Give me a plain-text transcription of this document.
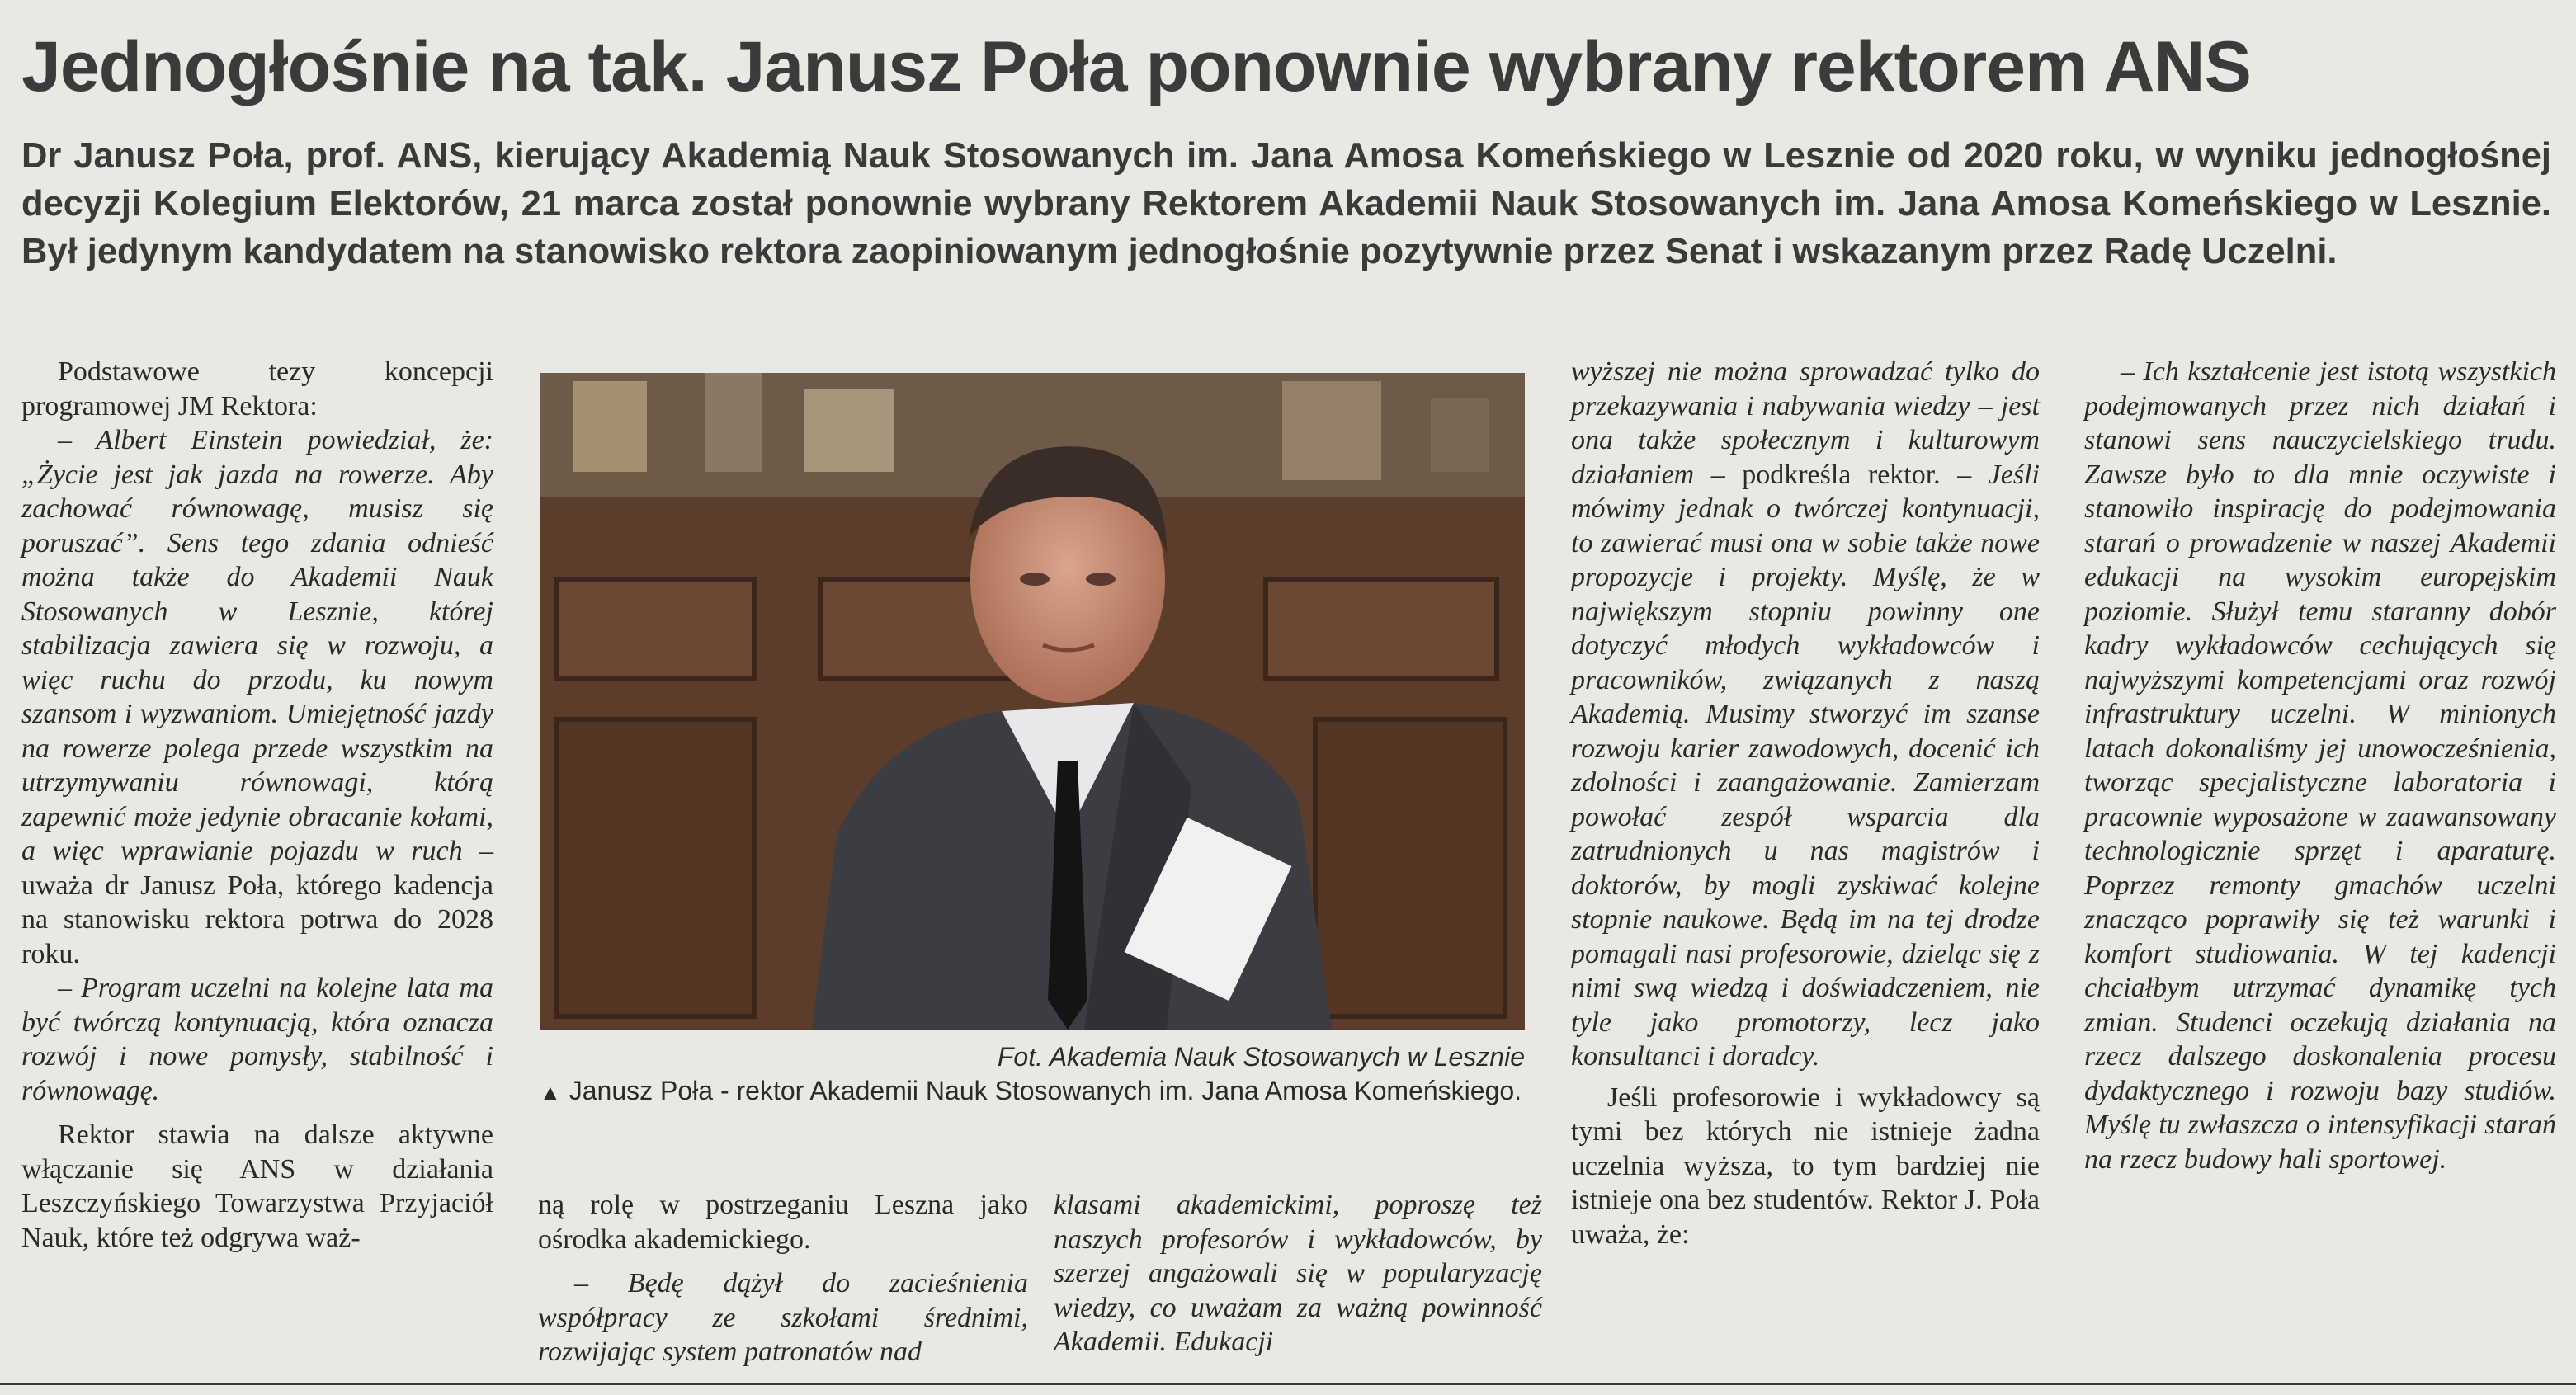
Jednogłośnie na tak. Janusz Poła ponownie wybrany rektorem ANS

Dr Janusz Poła, prof. ANS, kierujący Akademią Nauk Stosowanych im. Jana Amosa Komeńskiego w Lesznie od 2020 roku, w wyniku jednogłośnej decyzji Kolegium Elektorów, 21 marca został ponownie wybrany Rektorem Akademii Nauk Stosowanych im. Jana Amosa Komeńskiego w Lesznie. Był jedynym kandydatem na stanowisko rektora zaopiniowanym jednogłośnie pozytywnie przez Senat i wskazanym przez Radę Uczelni.

Podstawowe tezy koncepcji programowej JM Rektora:

– Albert Einstein powiedział, że: „Życie jest jak jazda na rowerze. Aby zachować równowagę, musisz się poruszać”. Sens tego zdania odnieść można także do Akademii Nauk Stosowanych w Lesznie, której stabilizacja zawiera się w rozwoju, a więc ruchu do przodu, ku nowym szansom i wyzwaniom. Umiejętność jazdy na rowerze polega przede wszystkim na utrzymywaniu równowagi, którą zapewnić może jedynie obracanie kołami, a więc wprawianie pojazdu w ruch – uważa dr Janusz Poła, którego kadencja na stanowisku rektora potrwa do 2028 roku.

– Program uczelni na kolejne lata ma być twórczą kontynuacją, która oznacza rozwój i nowe pomysły, stabilność i równowagę.

Rektor stawia na dalsze aktywne włączanie się ANS w działania Leszczyńskiego Towarzystwa Przyjaciół Nauk, które też odgrywa waż-

Fot. Akademia Nauk Stosowanych w Lesznie
▲ Janusz Poła - rektor Akademii Nauk Stosowanych im. Jana Amosa Komeńskiego.

ną rolę w postrzeganiu Leszna jako ośrodka akademickiego.

– Będę dążył do zacieśnienia współpracy ze szkołami średnimi, rozwijając system patronatów nad

klasami akademickimi, poproszę też naszych profesorów i wykładowców, by szerzej angażowali się w popularyzację wiedzy, co uważam za ważną powinność Akademii. Edukacji

wyższej nie można sprowadzać tylko do przekazywania i nabywania wiedzy – jest ona także społecznym i kulturowym działaniem – podkreśla rektor. – Jeśli mówimy jednak o twórczej kontynuacji, to zawierać musi ona w sobie także nowe propozycje i projekty. Myślę, że w największym stopniu powinny one dotyczyć młodych wykładowców i pracowników, związanych z naszą Akademią. Musimy stworzyć im szanse rozwoju karier zawodowych, docenić ich zdolności i zaangażowanie. Zamierzam powołać zespół wsparcia dla zatrudnionych u nas magistrów i doktorów, by mogli zyskiwać kolejne stopnie naukowe. Będą im na tej drodze pomagali nasi profesorowie, dzieląc się z nimi swą wiedzą i doświadczeniem, nie tyle jako promotorzy, lecz jako konsultanci i doradcy.

Jeśli profesorowie i wykładowcy są tymi bez których nie istnieje żadna uczelnia wyższa, to tym bardziej nie istnieje ona bez studentów. Rektor J. Poła uważa, że:

– Ich kształcenie jest istotą wszystkich podejmowanych przez nich działań i stanowi sens nauczycielskiego trudu. Zawsze było to dla mnie oczywiste i stanowiło inspirację do podejmowania starań o prowadzenie w naszej Akademii edukacji na wysokim europejskim poziomie. Służył temu staranny dobór kadry wykładowców cechujących się najwyższymi kompetencjami oraz rozwój infrastruktury uczelni. W minionych latach dokonaliśmy jej unowocześnienia, tworząc specjalistyczne laboratoria i pracownie wyposażone w zaawansowany technologicznie sprzęt i aparaturę. Poprzez remonty gmachów uczelni znacząco poprawiły się też warunki i komfort studiowania. W tej kadencji chciałbym utrzymać dynamikę tych zmian. Studenci oczekują działania na rzecz dalszego doskonalenia procesu dydaktycznego i rozwoju bazy studiów. Myślę tu zwłaszcza o intensyfikacji starań na rzecz budowy hali sportowej.
